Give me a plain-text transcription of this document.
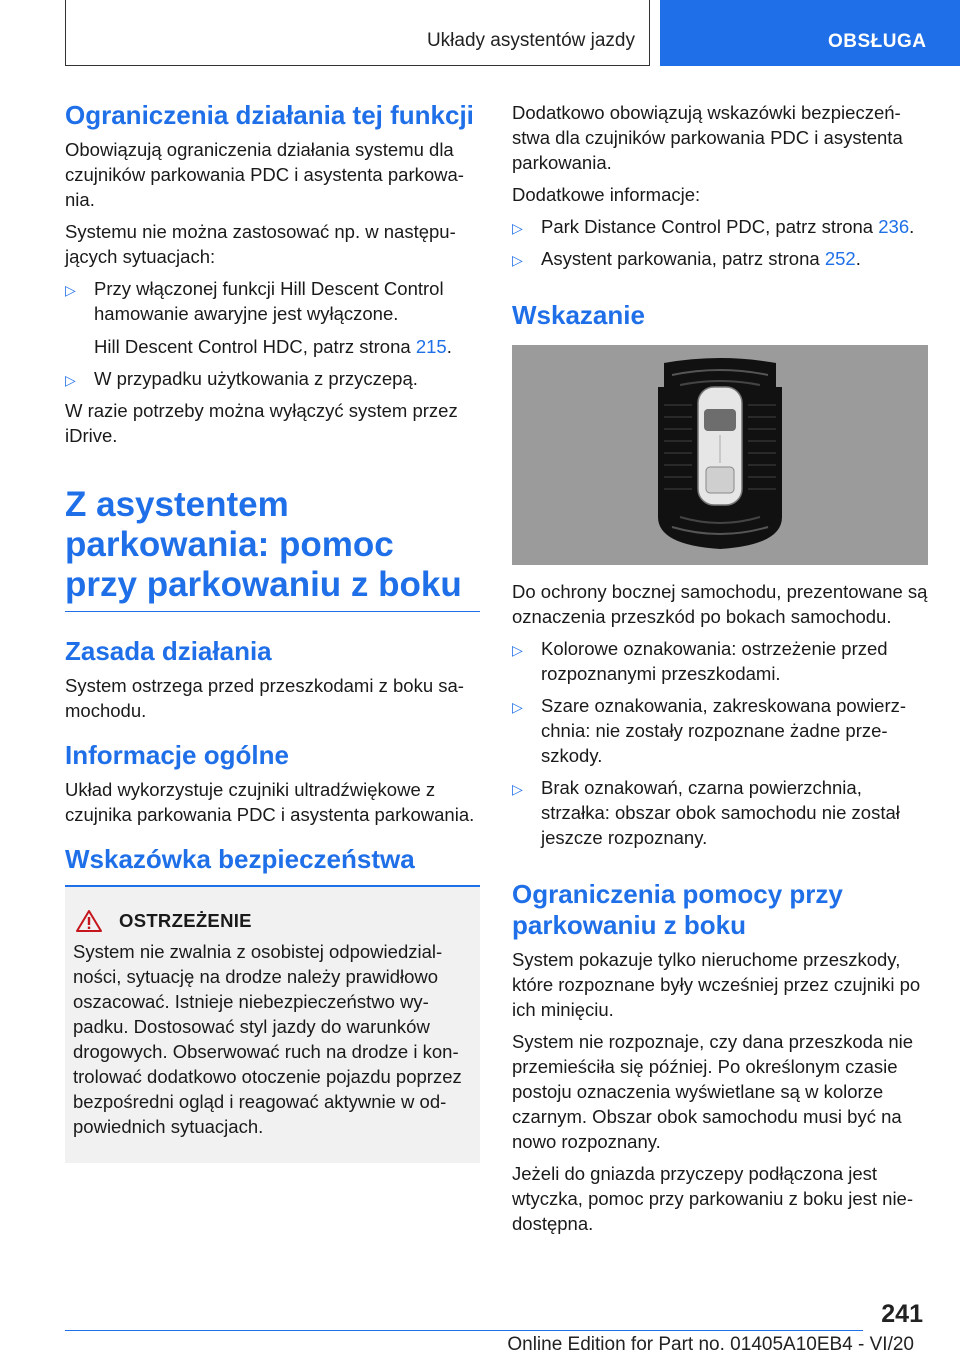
Układy asystentów jazdy	OBSŁUGA
Ograniczenia działania tej funkcji

Obowiązują ograniczenia działania systemu dla czujników parkowania PDC i asystenta parkowania.

Systemu nie można zastosować np. w następujących sytuacjach:

▷ Przy włączonej funkcji Hill Descent Control hamowanie awaryjne jest wyłączone.
Hill Descent Control HDC, patrz strona 215.
▷ W przypadku użytkowania z przyczepą.

W razie potrzeby można wyłączyć system przez iDrive.

Z asystentem parkowania: pomoc przy parkowaniu z boku
Zasada działania

System ostrzega przed przeszkodami z boku samochodu.

Informacje ogólne

Układ wykorzystuje czujniki ultradźwiękowe z czujnika parkowania PDC i asystenta parkowania.

Wskazówka bezpieczeństwa
OSTRZEŻENIE

System nie zwalnia z osobistej odpowiedzialności, sytuację na drodze należy prawidłowo oszacować. Istnieje niebezpieczeństwo wypadku. Dostosować styl jazdy do warunków drogowych. Obserwować ruch na drodze i kontrolować dodatkowo otoczenie pojazdu poprzez bezpośredni ogląd i reagować aktywnie w odpowiednich sytuacjach.

Dodatkowo obowiązują wskazówki bezpieczeństwa dla czujników parkowania PDC i asystenta parkowania.

Dodatkowe informacje:

▷ Park Distance Control PDC, patrz strona 236.
▷ Asystent parkowania, patrz strona 252.
Wskazanie

Do ochrony bocznej samochodu, prezentowane są oznaczenia przeszkód po bokach samochodu.

▷ Kolorowe oznakowania: ostrzeżenie przed rozpoznanymi przeszkodami.
▷ Szare oznakowania, zakreskowana powierzchnia: nie zostały rozpoznane żadne przeszkody.
▷ Brak oznakowań, czarna powierzchnia, strzałka: obszar obok samochodu nie został jeszcze rozpoznany.
Ograniczenia pomocy przy parkowaniu z boku

System pokazuje tylko nieruchome przeszkody, które rozpoznane były wcześniej przez czujniki po ich minięciu.

System nie rozpoznaje, czy dana przeszkoda nie przemieściła się później. Po określonym czasie postoju oznaczenia wyświetlane są w kolorze czarnym. Obszar obok samochodu musi być na nowo rozpoznany.

Jeżeli do gniazda przyczepy podłączona jest wtyczka, pomoc przy parkowaniu z boku jest niedostępna.

241
Online Edition for Part no. 01405A10EB4 - VI/20
